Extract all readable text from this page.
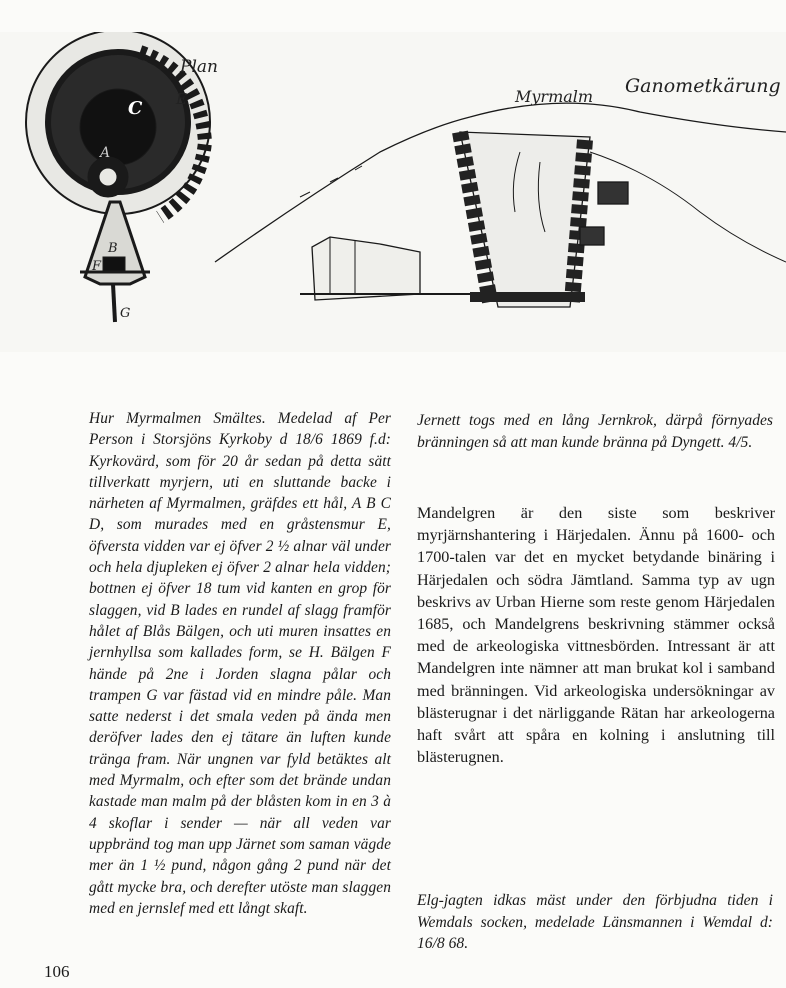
Plan
C E
A
B
F
G
Myrmalm Ganometkärung

Hur Myrmalmen Smältes. Medelad af Per Person i Storsjöns Kyrkoby d 18/6 1869 f.d: Kyrkovärd, som för 20 år sedan på detta sätt tillverkatt myrjern, uti en sluttande backe i närheten af Myrmalmen, gräfdes ett hål, A B C D, som murades med en gråstensmur E, öfversta vidden var ej öfver 2 ½ alnar väl under och hela djupleken ej öfver 2 alnar hela vidden; bottnen ej öfver 18 tum vid kanten en grop för slaggen, vid B lades en rundel af slagg framför hålet af Blås Bälgen, och uti muren insattes en jernhyllsa som kallades form, se H. Bälgen F hände på 2ne i Jorden slagna pålar och trampen G var fästad vid en mindre påle. Man satte nederst i det smala veden på ända men deröfver lades den ej tätare än luften kunde tränga fram. När ungnen var fyld betäktes alt med Myrmalm, och efter som det brände undan kastade man malm på der blåsten kom in en 3 à 4 skoflar i sender — när all veden var uppbränd tog man upp Järnet som saman vägde mer än 1 ½ pund, någon gång 2 pund när det gått mycke bra, och derefter utöste man slaggen med en jernslef med ett långt skaft.

Jernett togs med en lång Jernkrok, därpå förnyades bränningen så att man kunde bränna på Dyngett. 4/5.

Mandelgren är den siste som beskriver myrjärnshantering i Härjedalen. Ännu på 1600- och 1700-talen var det en mycket betydande binäring i Härjedalen och södra Jämtland. Samma typ av ugn beskrivs av Urban Hierne som reste genom Härjedalen 1685, och Mandelgrens beskrivning stämmer också med de arkeologiska vittnesbörden. Intressant är att Mandelgren inte nämner att man brukat kol i samband med bränningen. Vid arkeologiska undersökningar av blästerugnar i det närliggande Rätan har arkeologerna haft svårt att spåra en kolning i anslutning till blästerugnen.

Elg-jagten idkas mäst under den förbjudna tiden i Wemdals socken, medelade Länsmannen i Wemdal d: 16/8 68.

106
